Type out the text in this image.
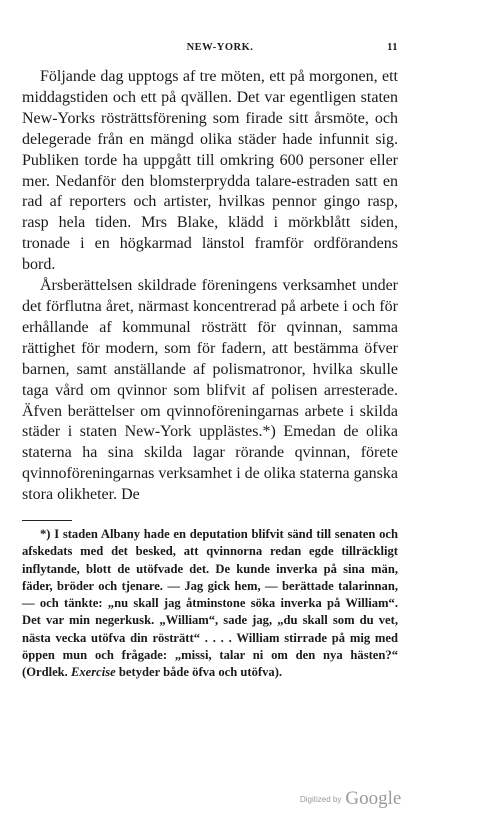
NEW-YORK.	11

Följande dag upptogs af tre möten, ett på morgonen, ett middagstiden och ett på qvällen. Det var egentligen staten New-Yorks rösträttsförening som firade sitt årsmöte, och delegerade från en mängd olika städer hade infunnit sig. Publiken torde ha uppgått till omkring 600 personer eller mer. Nedanför den blomsterprydda talare-estraden satt en rad af reporters och artister, hvilkas pennor gingo rasp, rasp hela tiden. Mrs Blake, klädd i mörkblått siden, tronade i en högkarmad länstol framför ordförandens bord.

Årsberättelsen skildrade föreningens verksamhet under det förflutna året, närmast koncentrerad på arbete i och för erhållande af kommunal rösträtt för qvinnan, samma rättighet för modern, som för fadern, att bestämma öfver barnen, samt anställande af polismatronor, hvilka skulle taga vård om qvinnor som blifvit af polisen arresterade. Äfven berättelser om qvinnoföreningarnas arbete i skilda städer i staten New-York upplästes.*) Emedan de olika staterna ha sina skilda lagar rörande qvinnan, förete qvinnoföreningarnas verksamhet i de olika staterna ganska stora olikheter. De

*) I staden Albany hade en deputation blifvit sänd till senaten och afskedats med det besked, att qvinnorna redan egde tillräckligt inflytande, blott de utöfvade det. De kunde inverka på sina män, fäder, bröder och tjenare. — Jag gick hem, — berättade talarinnan, — och tänkte: „nu skall jag åtminstone söka inverka på William“. Det var min negerkusk. „William“, sade jag, „du skall som du vet, nästa vecka utöfva din rösträtt“ . . . . William stirrade på mig med öppen mun och frågade: „missi, talar ni om den nya hästen?“ (Ordlek. Exercise betyder både öfva och utöfva).
Digitized by Google
